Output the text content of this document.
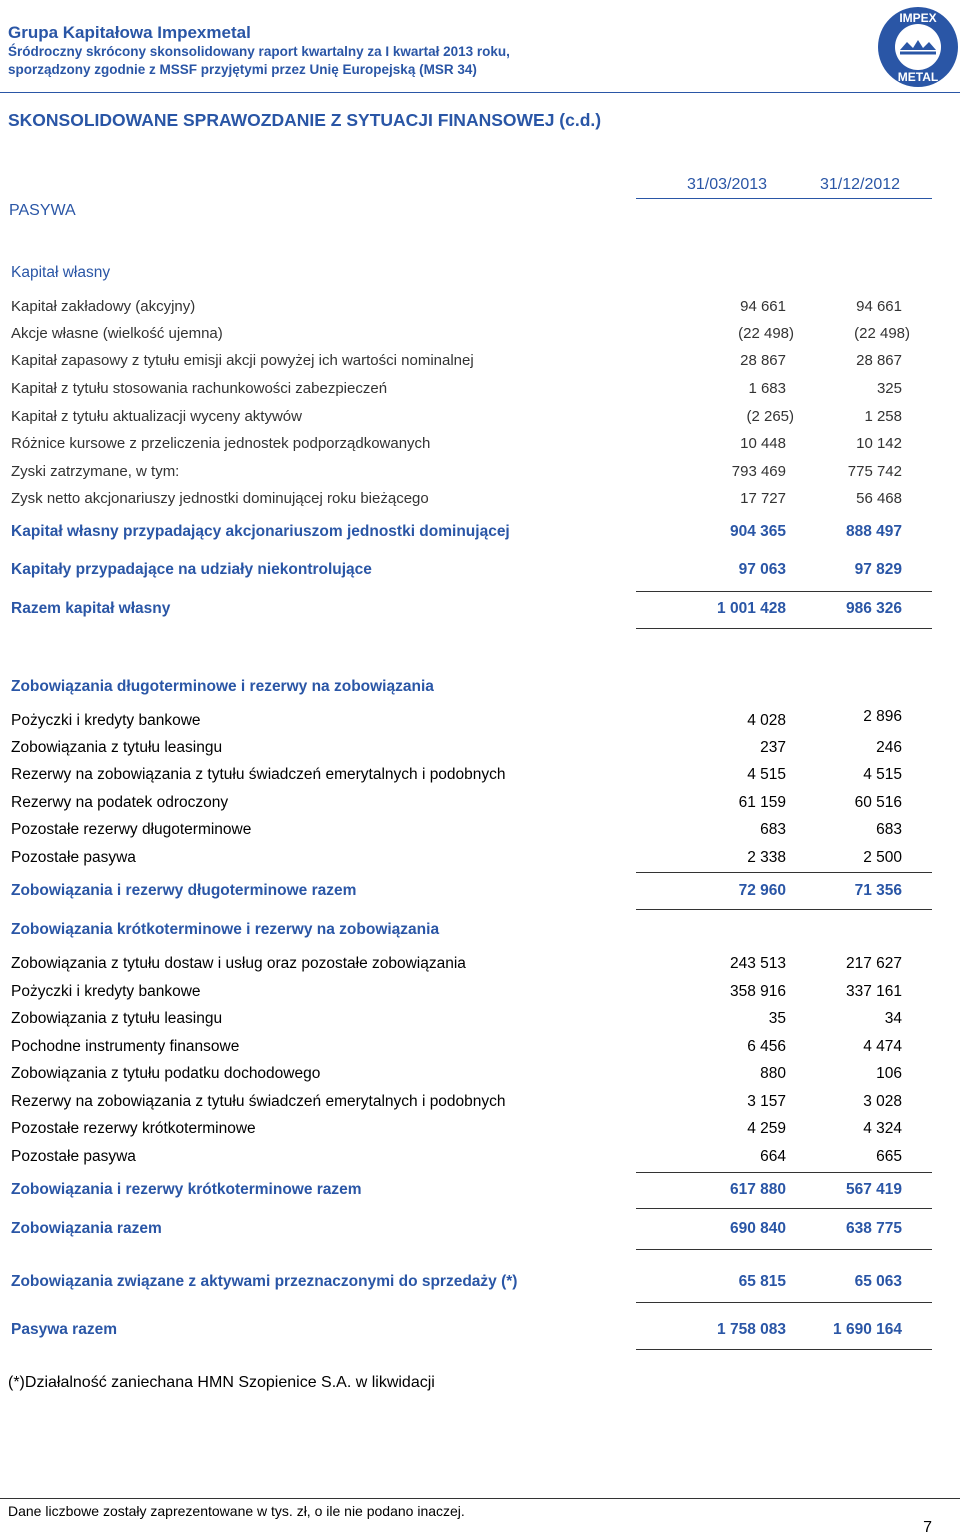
Grupa Kapitałowa Impexmetal
Śródroczny skrócony skonsolidowany raport kwartalny za I kwartał 2013 roku,
sporządzony zgodnie z MSSF przyjętymi przez Unię Europejską (MSR 34)
IMPEX
METAL
SKONSOLIDOWANE SPRAWOZDANIE Z SYTUACJI FINANSOWEJ (c.d.)
PASYWA
31/03/2013	31/12/2012
Kapitał własny
Kapitał zakładowy (akcyjny)	94 661	94 661
Akcje własne (wielkość ujemna)	(22 498)	(22 498)
Kapitał zapasowy z tytułu emisji akcji powyżej ich wartości nominalnej	28 867	28 867
Kapitał z tytułu stosowania rachunkowości zabezpieczeń	1 683	325
Kapitał z tytułu aktualizacji wyceny aktywów	(2 265)	1 258
Różnice kursowe z przeliczenia jednostek podporządkowanych	10 448	10 142
Zyski zatrzymane, w tym:	793 469	775 742
Zysk netto akcjonariuszy jednostki dominującej roku bieżącego	17 727	56 468
Kapitał własny przypadający akcjonariuszom jednostki dominującej	904 365	888 497
Kapitały przypadające na udziały niekontrolujące	97 063	97 829
Razem kapitał własny	1 001 428	986 326
Zobowiązania długoterminowe i rezerwy na zobowiązania
Pożyczki i kredyty bankowe	4 028	2 896
Zobowiązania z tytułu leasingu	237	246
Rezerwy na zobowiązania z tytułu świadczeń emerytalnych i podobnych	4 515	4 515
Rezerwy na podatek odroczony	61 159	60 516
Pozostałe rezerwy długoterminowe	683	683
Pozostałe pasywa	2 338	2 500
Zobowiązania i rezerwy długoterminowe razem	72 960	71 356
Zobowiązania krótkoterminowe i rezerwy na zobowiązania
Zobowiązania z tytułu dostaw i usług oraz pozostałe zobowiązania	243 513	217 627
Pożyczki i kredyty bankowe	358 916	337 161
Zobowiązania z tytułu leasingu	35	34
Pochodne instrumenty finansowe	6 456	4 474
Zobowiązania z tytułu podatku dochodowego	880	106
Rezerwy na zobowiązania z tytułu świadczeń emerytalnych i podobnych	3 157	3 028
Pozostałe rezerwy krótkoterminowe	4 259	4 324
Pozostałe pasywa	664	665
Zobowiązania i rezerwy krótkoterminowe razem	617 880	567 419
Zobowiązania razem	690 840	638 775
Zobowiązania związane z aktywami przeznaczonymi do sprzedaży (*)	65 815	65 063
Pasywa razem	1 758 083	1 690 164
(*)Działalność zaniechana HMN Szopienice S.A. w likwidacji
Dane liczbowe zostały zaprezentowane w tys. zł, o ile nie podano inaczej.
7
